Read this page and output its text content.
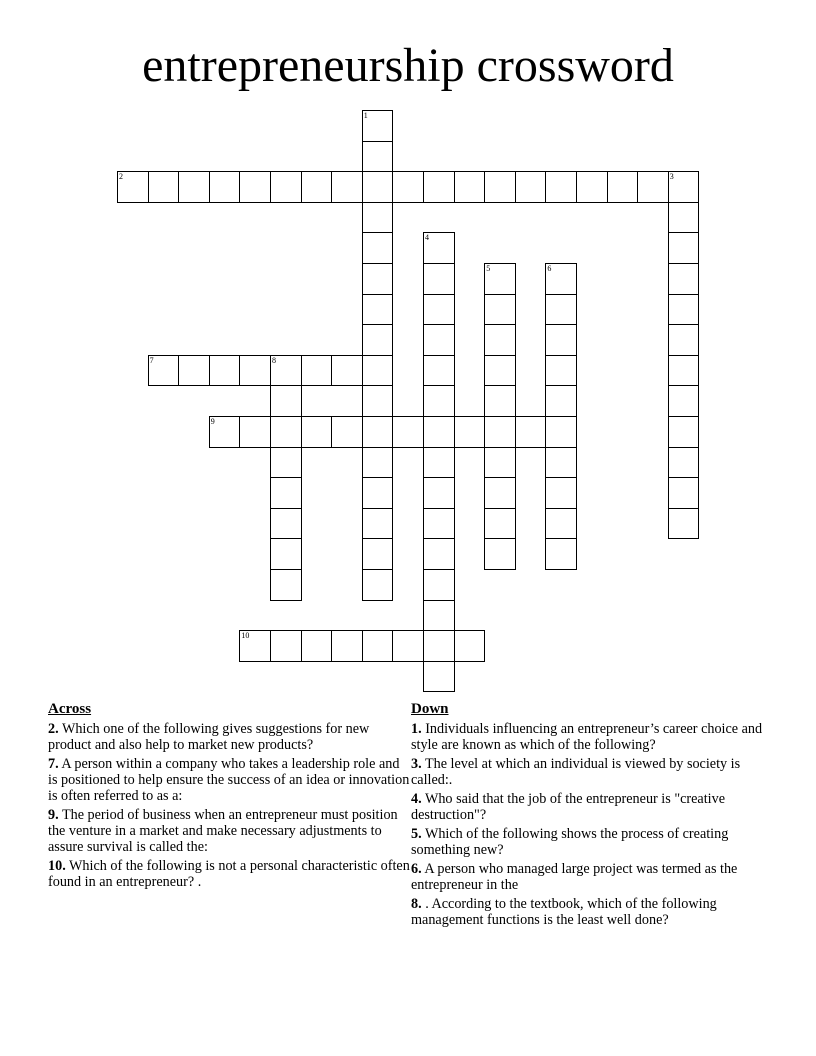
entrepreneurship crossword
1
2	3
4
5	6
7	8
9
10
Across
2. Which one of the following gives suggestions for new product and also help to market new products?
7. A person within a company who takes a leadership role and is positioned to help ensure the success of an idea or innovation is often referred to as a:
9. The period of business when an entrepreneur must position the venture in a market and make necessary adjustments to assure survival is called the:
10. Which of the following is not a personal characteristic often found in an entrepreneur? .
Down
1. Individuals influencing an entrepreneur’s career choice and style are known as which of the following?
3. The level at which an individual is viewed by society is called:.
4. Who said that the job of the entrepreneur is "creative destruction"?
5. Which of the following shows the process of creating something new?
6. A person who managed large project was termed as the entrepreneur in the
8. . According to the textbook, which of the following management functions is the least well done?
